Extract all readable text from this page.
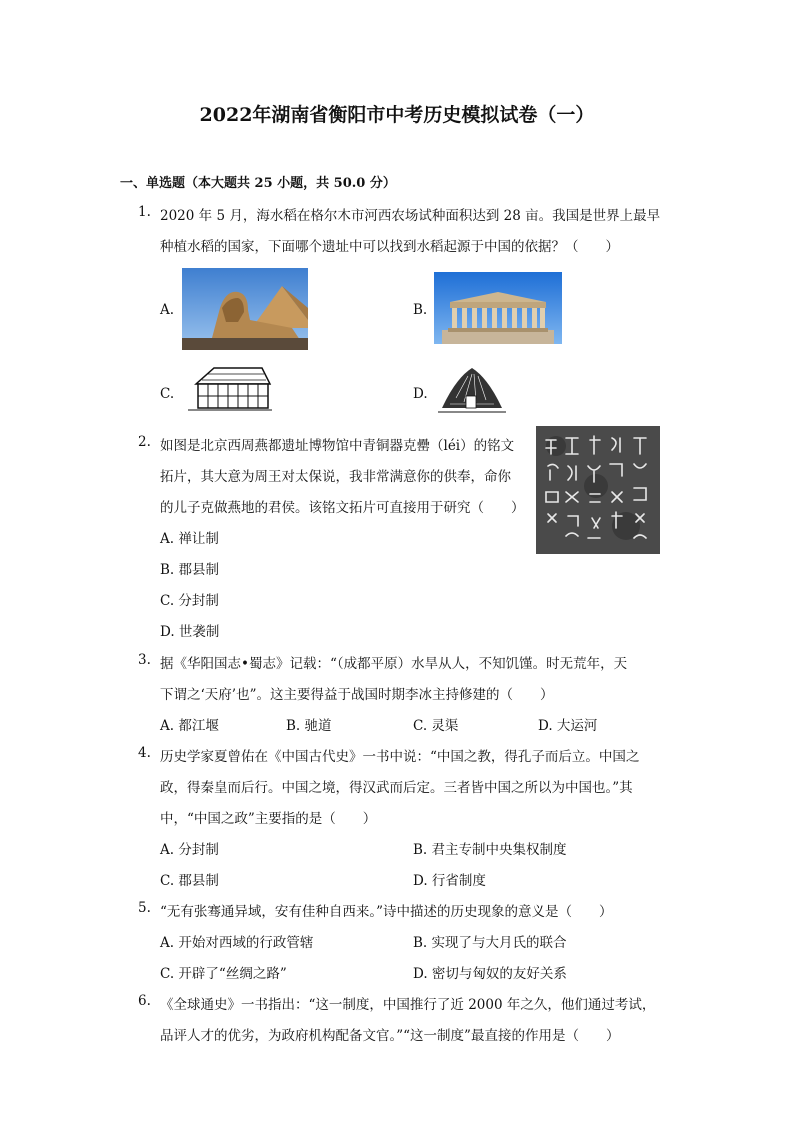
2022年湖南省衡阳市中考历史模拟试卷（一）
一、单选题（本大题共 25 小题，共 50.0 分）
1. 2020 年 5 月，海水稻在格尔木市河西农场试种面积达到 28 亩。我国是世界上最早
种植水稻的国家，下面哪个遗址中可以找到水稻起源于中国的依据？（　　）
A.	B.
C.	D.
2. 如图是北京西周燕都遗址博物馆中青铜器克罍（léi）的铭文
拓片，其大意为周王对太保说，我非常满意你的供奉，命你
的儿子克做燕地的君侯。该铭文拓片可直接用于研究（　　）
A. 禅让制
B. 郡县制
C. 分封制
D. 世袭制
3. 据《华阳国志•蜀志》记载：“（成都平原）水旱从人，不知饥馑。时无荒年，天
下谓之‘天府’也”。这主要得益于战国时期李冰主持修建的（　　）
A. 都江堰	B. 驰道	C. 灵渠	D. 大运河
4. 历史学家夏曾佑在《中国古代史》一书中说：“中国之教，得孔子而后立。中国之
政，得秦皇而后行。中国之境，得汉武而后定。三者皆中国之所以为中国也。”其
中，“中国之政”主要指的是（　　）
A. 分封制	B. 君主专制中央集权制度
C. 郡县制	D. 行省制度
5. “无有张骞通异域，安有佳种自西来。”诗中描述的历史现象的意义是（　　）
A. 开始对西域的行政管辖	B. 实现了与大月氏的联合
C. 开辟了“丝绸之路”	D. 密切与匈奴的友好关系
6. 《全球通史》一书指出：“这一制度，中国推行了近 2000 年之久，他们通过考试，
品评人才的优劣，为政府机构配备文官。”“这一制度”最直接的作用是（　　）
